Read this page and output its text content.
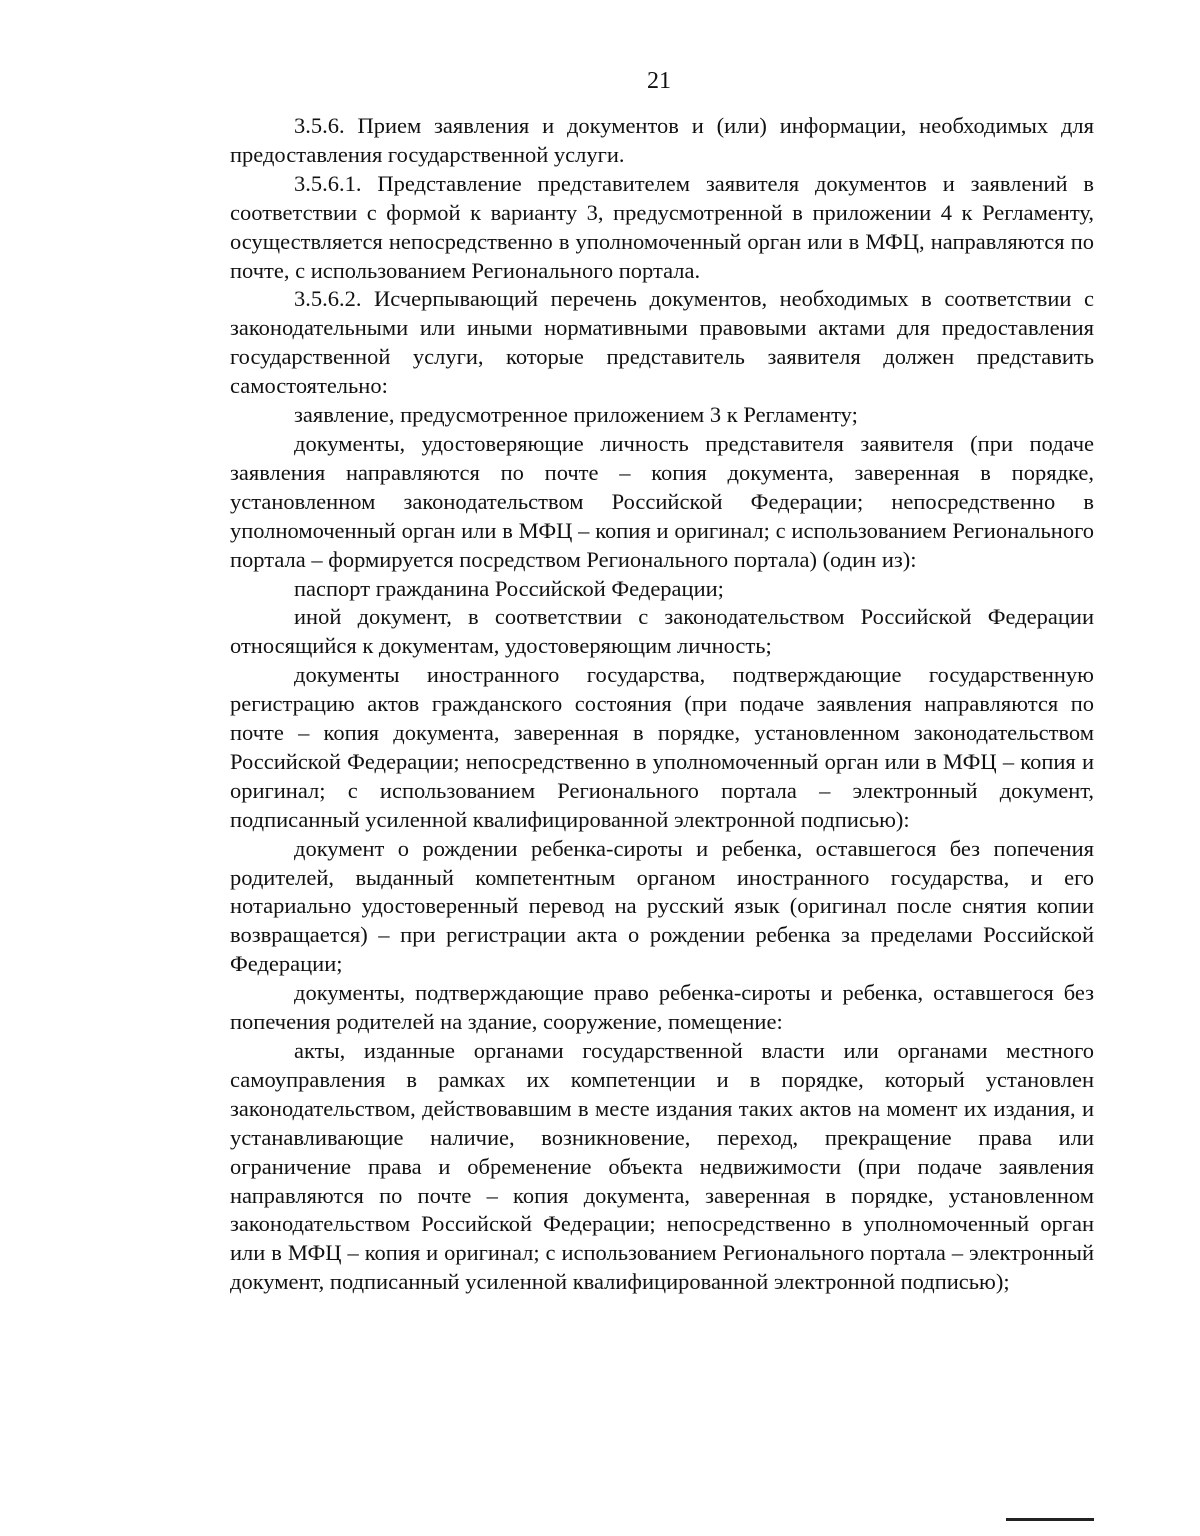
21

3.5.6. Прием заявления и документов и (или) информации, необходимых для предоставления государственной услуги.

3.5.6.1. Представление представителем заявителя документов и заявлений в соответствии с формой к варианту 3, предусмотренной в приложении 4 к Регламенту, осуществляется непосредственно в уполномоченный орган или в МФЦ, направляются по почте, с использованием Регионального портала.

3.5.6.2. Исчерпывающий перечень документов, необходимых в соответствии с законодательными или иными нормативными правовыми актами для предоставления государственной услуги, которые представитель заявителя должен представить самостоятельно:

заявление, предусмотренное приложением 3 к Регламенту;

документы, удостоверяющие личность представителя заявителя (при подаче заявления направляются по почте – копия документа, заверенная в порядке, установленном законодательством Российской Федерации; непосредственно в уполномоченный орган или в МФЦ – копия и оригинал; с использованием Регионального портала – формируется посредством Регионального портала) (один из):

паспорт гражданина Российской Федерации;

иной документ, в соответствии с законодательством Российской Федерации относящийся к документам, удостоверяющим личность;

документы иностранного государства, подтверждающие государственную регистрацию актов гражданского состояния (при подаче заявления направляются по почте – копия документа, заверенная в порядке, установленном законодательством Российской Федерации; непосредственно в уполномоченный орган или в МФЦ – копия и оригинал; с использованием Регионального портала – электронный документ, подписанный усиленной квалифицированной электронной подписью):

документ о рождении ребенка-сироты и ребенка, оставшегося без попечения родителей, выданный компетентным органом иностранного государства, и его нотариально удостоверенный перевод на русский язык (оригинал после снятия копии возвращается) – при регистрации акта о рождении ребенка за пределами Российской Федерации;

документы, подтверждающие право ребенка-сироты и ребенка, оставшегося без попечения родителей на здание, сооружение, помещение:

акты, изданные органами государственной власти или органами местного самоуправления в рамках их компетенции и в порядке, который установлен законодательством, действовавшим в месте издания таких актов на момент их издания, и устанавливающие наличие, возникновение, переход, прекращение права или ограничение права и обременение объекта недвижимости (при подаче заявления направляются по почте – копия документа, заверенная в порядке, установленном законодательством Российской Федерации; непосредственно в уполномоченный орган или в МФЦ – копия и оригинал; с использованием Регионального портала – электронный документ, подписанный усиленной квалифицированной электронной подписью);
